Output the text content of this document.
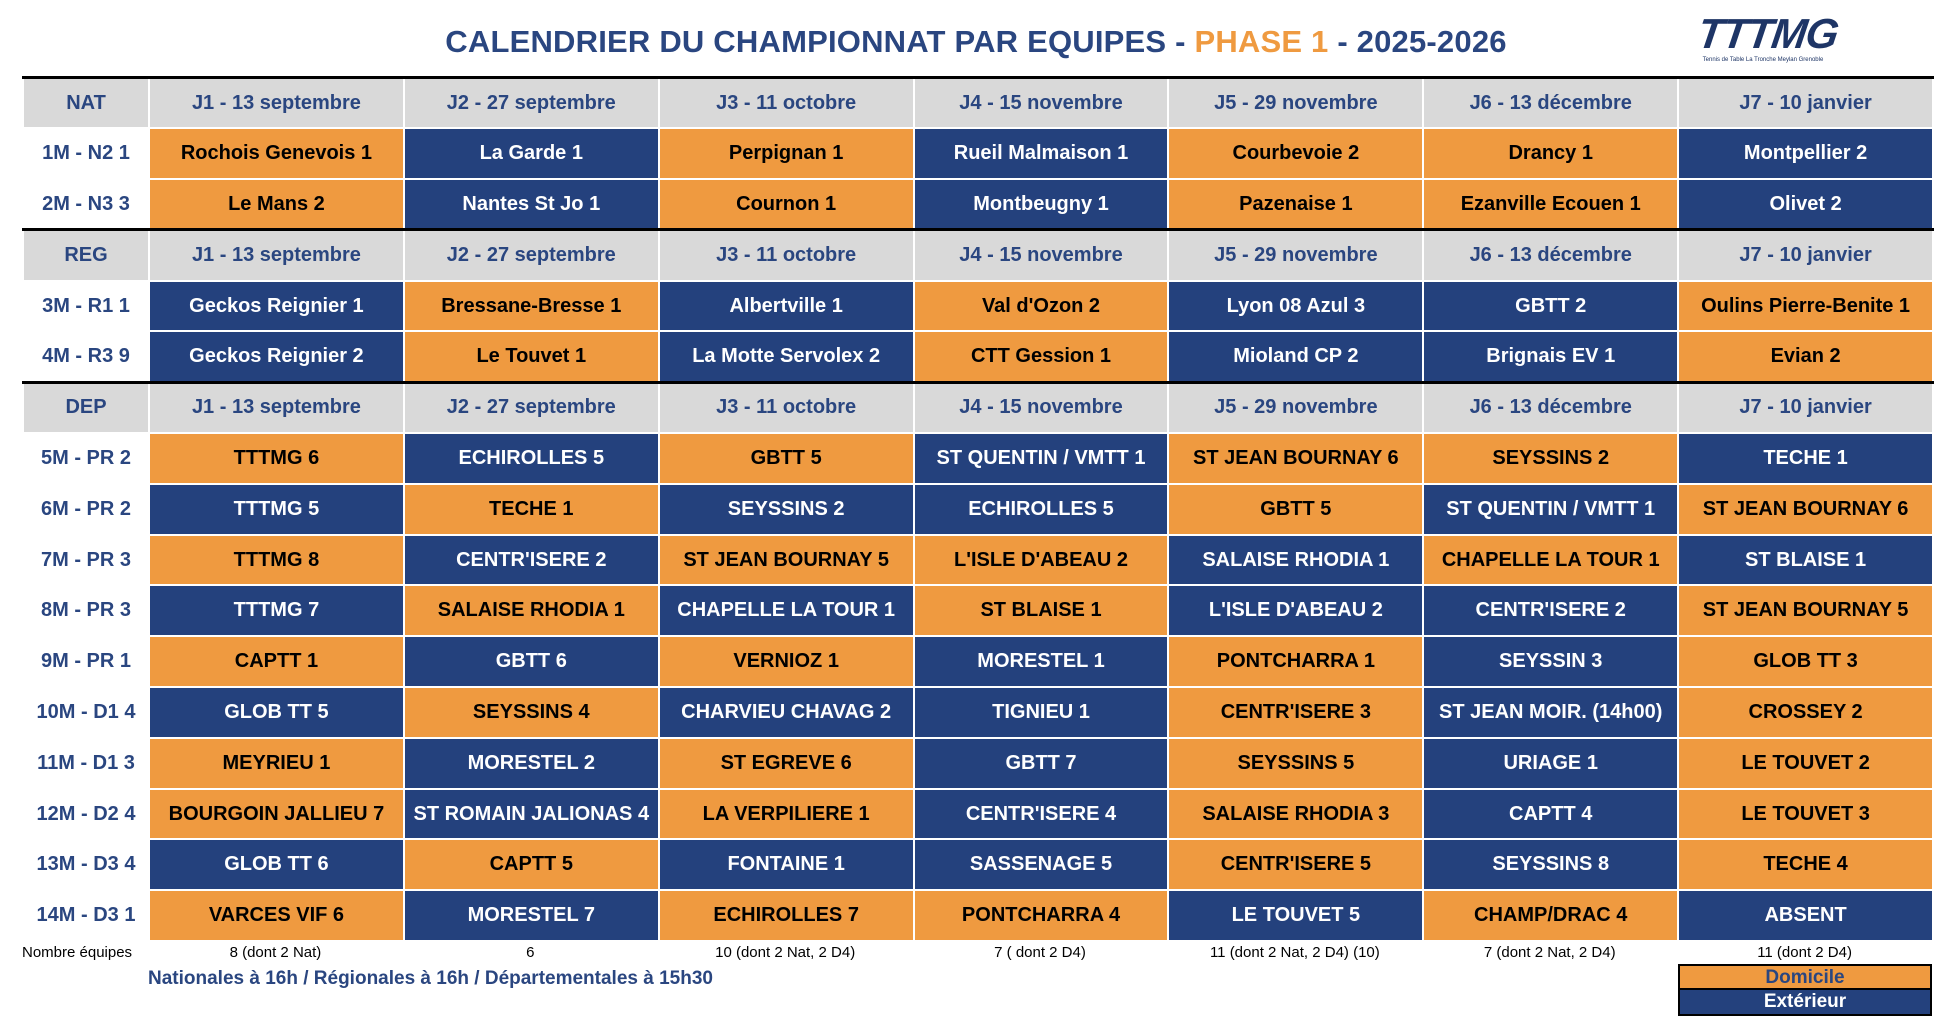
CALENDRIER DU CHAMPIONNAT PAR EQUIPES - PHASE 1 - 2025-2026	TTTMG
Tennis de Table La Tronche Meylan Grenoble
NAT	J1 - 13 septembre	J2 - 27 septembre	J3 - 11 octobre	J4 - 15 novembre	J5 - 29 novembre	J6 - 13 décembre	J7 - 10 janvier
1M - N2 1	Rochois Genevois 1	La Garde 1	Perpignan 1	Rueil Malmaison 1	Courbevoie 2	Drancy 1	Montpellier 2
2M - N3 3	Le Mans 2	Nantes St Jo 1	Cournon 1	Montbeugny 1	Pazenaise 1	Ezanville Ecouen 1	Olivet 2
REG	J1 - 13 septembre	J2 - 27 septembre	J3 - 11 octobre	J4 - 15 novembre	J5 - 29 novembre	J6 - 13 décembre	J7 - 10 janvier
3M - R1 1	Geckos Reignier 1	Bressane-Bresse 1	Albertville 1	Val d'Ozon 2	Lyon 08 Azul 3	GBTT 2	Oulins Pierre-Benite 1
4M - R3 9	Geckos Reignier 2	Le Touvet 1	La Motte Servolex 2	CTT Gession 1	Mioland CP 2	Brignais EV 1	Evian 2
DEP	J1 - 13 septembre	J2 - 27 septembre	J3 - 11 octobre	J4 - 15 novembre	J5 - 29 novembre	J6 - 13 décembre	J7 - 10 janvier
5M - PR 2	TTTMG 6	ECHIROLLES 5	GBTT 5	ST QUENTIN / VMTT 1	ST JEAN BOURNAY 6	SEYSSINS 2	TECHE 1
6M - PR 2	TTTMG 5	TECHE 1	SEYSSINS 2	ECHIROLLES 5	GBTT 5	ST QUENTIN / VMTT 1	ST JEAN BOURNAY 6
7M - PR 3	TTTMG 8	CENTR'ISERE 2	ST JEAN BOURNAY 5	L'ISLE D'ABEAU 2	SALAISE RHODIA 1	CHAPELLE LA TOUR 1	ST BLAISE 1
8M - PR 3	TTTMG 7	SALAISE RHODIA 1	CHAPELLE LA TOUR 1	ST BLAISE 1	L'ISLE D'ABEAU 2	CENTR'ISERE 2	ST JEAN BOURNAY 5
9M - PR 1	CAPTT 1	GBTT 6	VERNIOZ 1	MORESTEL 1	PONTCHARRA 1	SEYSSIN 3	GLOB TT 3
10M - D1 4	GLOB TT 5	SEYSSINS 4	CHARVIEU CHAVAG 2	TIGNIEU 1	CENTR'ISERE 3	ST JEAN MOIR. (14h00)	CROSSEY 2
11M - D1 3	MEYRIEU 1	MORESTEL 2	ST EGREVE 6	GBTT 7	SEYSSINS 5	URIAGE 1	LE TOUVET 2
12M - D2 4	BOURGOIN JALLIEU 7	ST ROMAIN JALIONAS 4	LA VERPILIERE 1	CENTR'ISERE 4	SALAISE RHODIA 3	CAPTT 4	LE TOUVET 3
13M - D3 4	GLOB TT 6	CAPTT 5	FONTAINE 1	SASSENAGE 5	CENTR'ISERE 5	SEYSSINS 8	TECHE 4
14M - D3 1	VARCES VIF 6	MORESTEL 7	ECHIROLLES 7	PONTCHARRA 4	LE TOUVET 5	CHAMP/DRAC 4	ABSENT
Nombre équipes	8 (dont 2 Nat)	6	10 (dont 2 Nat, 2 D4)	7 ( dont 2 D4)	11 (dont 2 Nat, 2 D4) (10)	7 (dont 2 Nat, 2 D4)	11 (dont 2 D4)
Nationales à 16h / Régionales à 16h / Départementales à 15h30	Domicile
Extérieur
